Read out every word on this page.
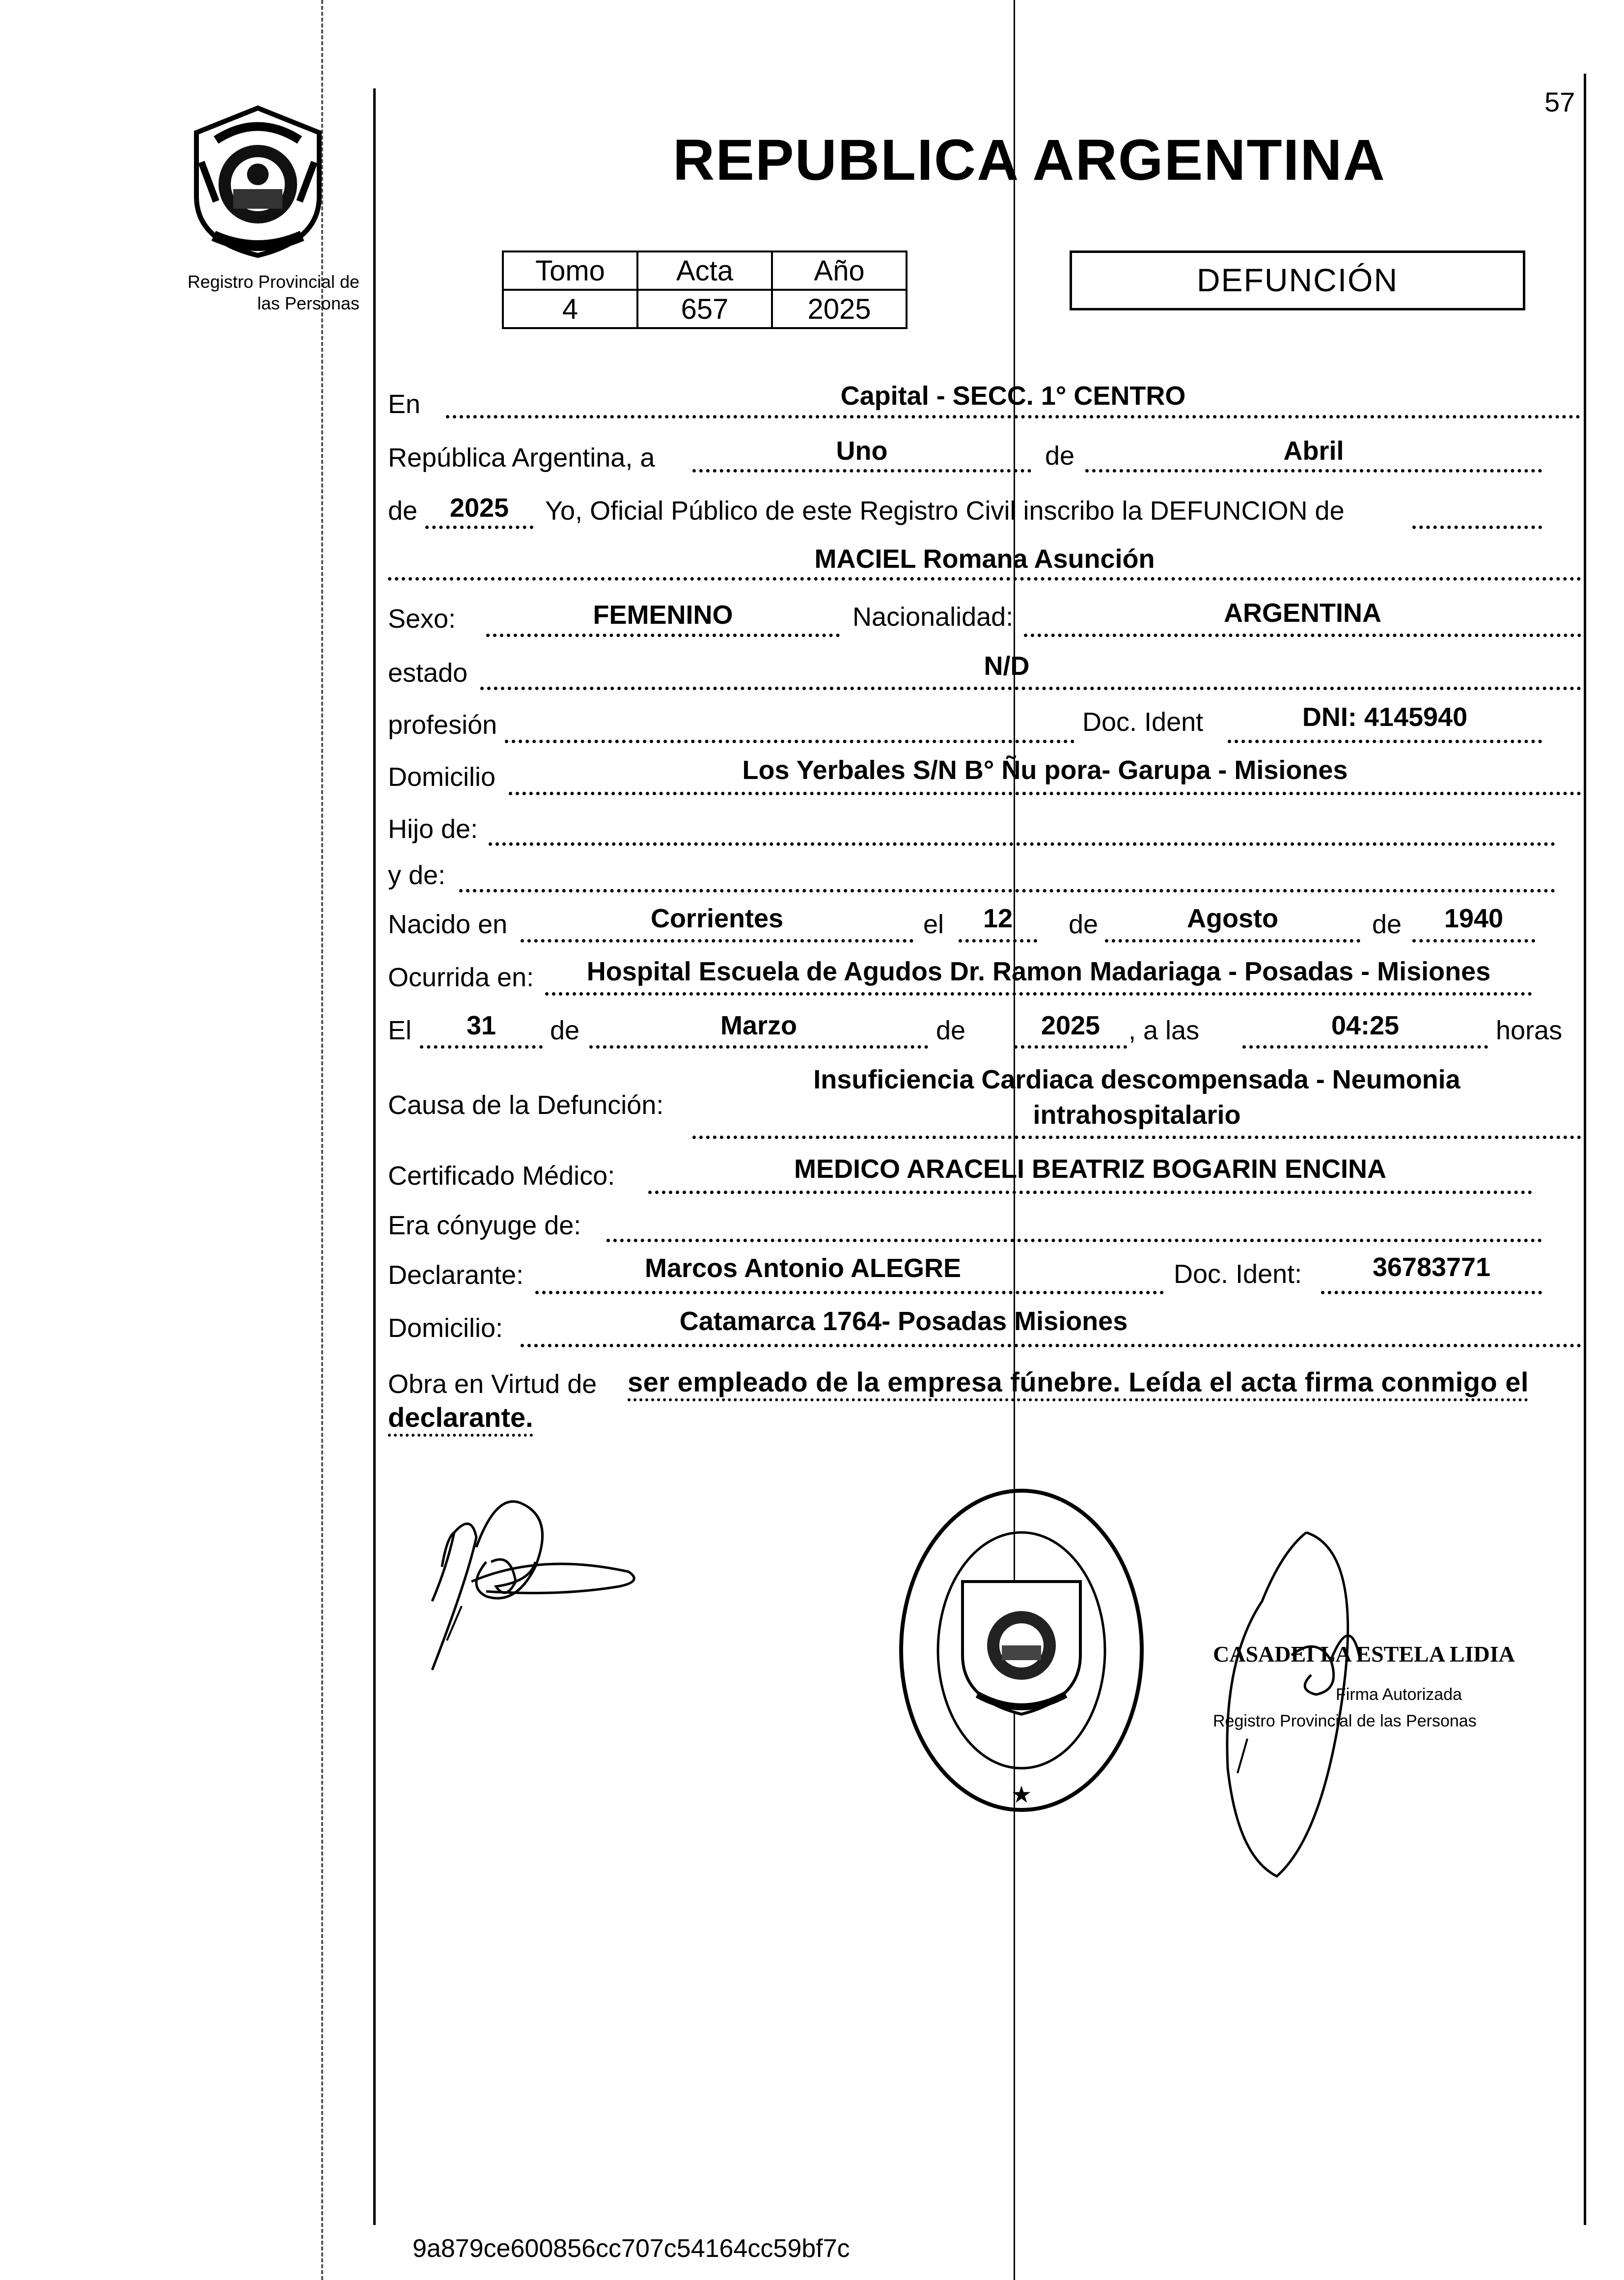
57
Registro Provincial de
las Personas
REPUBLICA ARGENTINA
Tomo	Acta	Año
4	657	2025
DEFUNCIÓN
En	Capital - SECC. 1° CENTRO
República Argentina, a	Uno	de	Abril
de	2025	Yo, Oficial Público de este Registro Civil inscribo la DEFUNCION de
MACIEL Romana Asunción
Sexo:	FEMENINO	Nacionalidad:	ARGENTINA
estado	N/D
profesión	Doc. Ident	DNI: 4145940
Domicilio	Los Yerbales S/N B° Ñu pora- Garupa - Misiones
Hijo de:
y de:
Nacido en	Corrientes	el	12	de	Agosto	de	1940
Ocurrida en:	Hospital Escuela de Agudos Dr. Ramon Madariaga - Posadas - Misiones
El	31	de	Marzo	de	2025	, a las	04:25	horas
Causa de la Defunción:
Insuficiencia Cardiaca descompensada - Neumonia
intrahospitalario
Certificado Médico:	MEDICO ARACELI BEATRIZ BOGARIN ENCINA
Era cónyuge de:
Declarante:	Marcos Antonio ALEGRE	Doc. Ident:	36783771
Domicilio:	Catamarca 1764- Posadas Misiones
Obra en Virtud de ser empleado de la empresa fúnebre. Leída el acta firma conmigo el
declarante.
★
CASADEI LA ESTELA LIDIA
Firma Autorizada
Registro Provincial de las Personas
9a879ce600856cc707c54164cc59bf7c
